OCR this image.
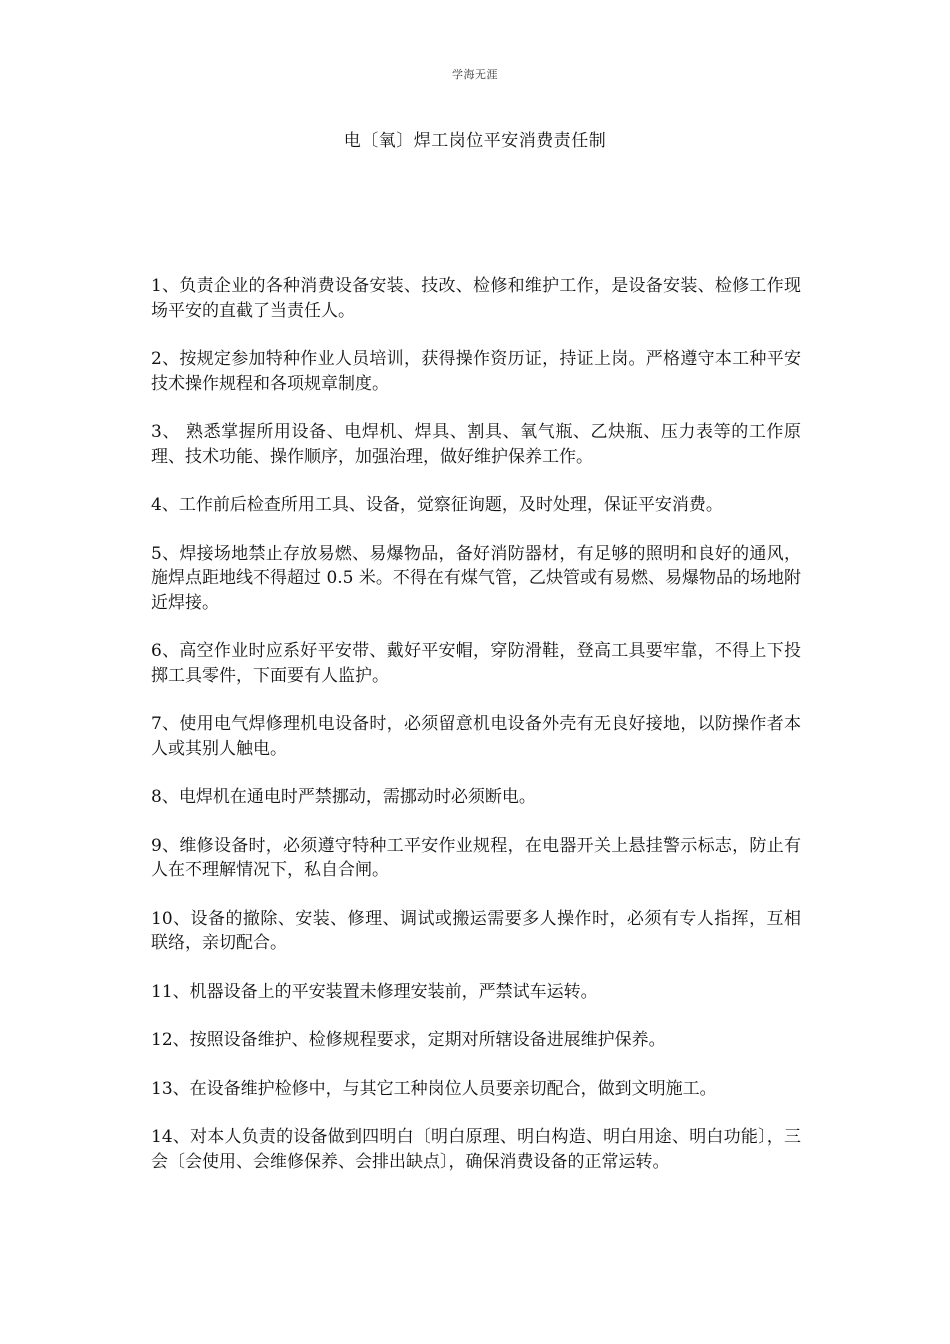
学海无涯
电〔氧〕焊工岗位平安消费责任制

1、负责企业的各种消费设备安装、技改、检修和维护工作，是设备安装、检修工作现场平安的直截了当责任人。

2、按规定参加特种作业人员培训，获得操作资历证，持证上岗。严格遵守本工种平安技术操作规程和各项规章制度。

3、 熟悉掌握所用设备、电焊机、焊具、割具、氧气瓶、乙炔瓶、压力表等的工作原理、技术功能、操作顺序，加强治理，做好维护保养工作。

4、工作前后检查所用工具、设备，觉察征询题，及时处理，保证平安消费。

5、焊接场地禁止存放易燃、易爆物品，备好消防器材，有足够的照明和良好的通风，施焊点距地线不得超过 0.5 米。不得在有煤气管，乙炔管或有易燃、易爆物品的场地附近焊接。

6、高空作业时应系好平安带、戴好平安帽，穿防滑鞋，登高工具要牢靠，不得上下投掷工具零件，下面要有人监护。

7、使用电气焊修理机电设备时，必须留意机电设备外壳有无良好接地，以防操作者本人或其别人触电。

8、电焊机在通电时严禁挪动，需挪动时必须断电。

9、维修设备时，必须遵守特种工平安作业规程，在电器开关上悬挂警示标志，防止有人在不理解情况下，私自合闸。

10、设备的撤除、安装、修理、调试或搬运需要多人操作时，必须有专人指挥，互相联络，亲切配合。

11、机器设备上的平安装置未修理安装前，严禁试车运转。

12、按照设备维护、检修规程要求，定期对所辖设备进展维护保养。

13、在设备维护检修中，与其它工种岗位人员要亲切配合，做到文明施工。

14、对本人负责的设备做到四明白〔明白原理、明白构造、明白用途、明白功能〕，三会〔会使用、会维修保养、会排出缺点〕，确保消费设备的正常运转。
